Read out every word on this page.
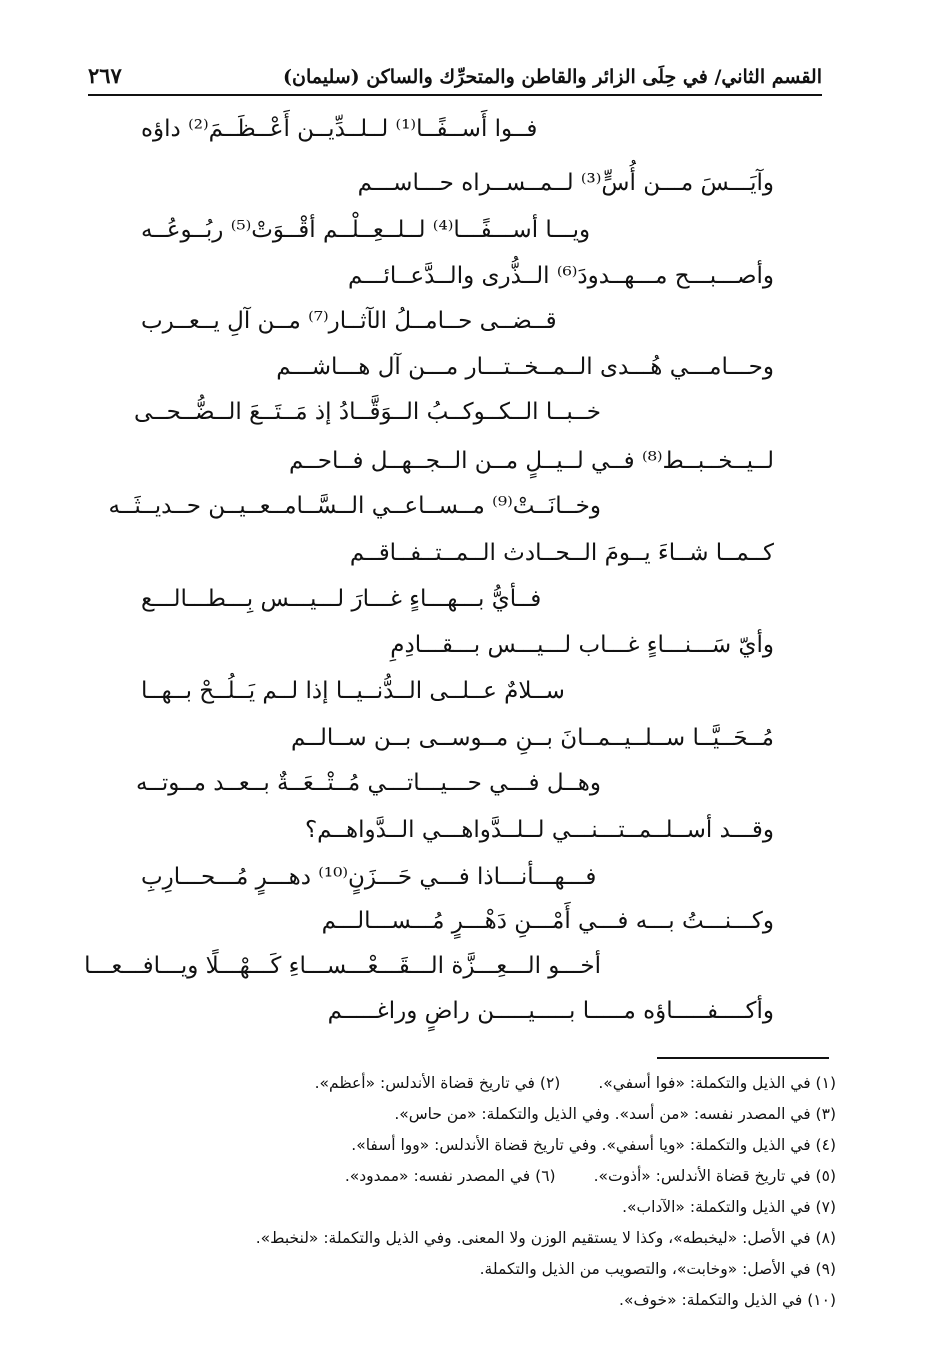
القسم الثاني/ في حِلَى الزائر والقاطن والمتحرِّك والساكن (سليمان)
٢٦٧
فــوا أَســفًــا⁽¹⁾ لــلــدِّيــن أَعْــظَــمَ⁽²⁾ داؤه
وآيَـــسَ مـــن أُسٍّ⁽³⁾ لــمــســراه حـــاســـم
ويـــا أســـفًـــا⁽⁴⁾ لــلــعِــلْــم أقْــوَتْ⁽⁵⁾ ربُــوعُــه
وأصـــبـــح مـــهــدودَ⁽⁶⁾ الــذُّرى والــدَّعــائـــم
قــضــى حــامــلُ الآثــار⁽⁷⁾ مــن آلِ يــعــرب
وحـــامـــي هُـــدى الــمــخــتـــار مـــن آل هـــاشـــم
خــبــا الــكــوكــبُ الــوَقَّــادُ إذ مَــتَــعَ الــضُّــحــى
لــيــخــبــط⁽⁸⁾ فــي لــيــلٍ مــن الــجــهــل فــاحــم
وخــانَــتْ⁽⁹⁾ مــســاعــي الــسَّــامــعــيــن حــديــثَــه
كــمــا شــاءَ يــومَ الــحــادث الــمــتــفــاقــم
فــأيُّ بـــهـــاءٍ غـــارَ لـــيـــس بِـــطـــالـــع
وأيّ سَـــنـــاءٍ غـــاب لـــيـــس بـــقـــادِمِ
ســلامٌ عــلــى الــدُّنــيــا إذا لــم يَــلُــحْ بــهــا
مُــحَــيَّــا ســلــيــمــانَ بــنِ مــوســى بــن ســالــم
وهــل فـــي حـــيـــاتـــي مُــتْــعَــةٌ بــعــد مــوتــه
وقـــد أســلــمــتـــنـــي لــلــدَّواهـــي الــدَّواهــم؟
فـــهـــأنـــاذا فـــي حَـــزَنٍ⁽¹⁰⁾ دهـــرٍ مُـــحـــارِبِ
وكـــنـــتُ بـــه فـــي أَمْـــنِ دَهْـــرٍ مُـــســـالـــم
أخـــو الـــعِـــزَّة الـــقَـــعْـــســـاءِ كَـــهْـــلًا ويـــافـــعـــا
وأكــــفـــــاؤه مـــــا بـــــيـــــن راضٍ وراغـــــم
(١) في الذيل والتكملة: «فوا أسفي».(٢) في تاريخ قضاة الأندلس: «أعظم».
(٣) في المصدر نفسه: «من أسد». وفي الذيل والتكملة: «من حاس».
(٤) في الذيل والتكملة: «ويا أسفي». وفي تاريخ قضاة الأندلس: «ووا أسفا».
(٥) في تاريخ قضاة الأندلس: «أذوت».(٦) في المصدر نفسه: «ممدود».
(٧) في الذيل والتكملة: «الآداب».
(٨) في الأصل: «ليخبطه»، وكذا لا يستقيم الوزن ولا المعنى. وفي الذيل والتكملة: «لنخبط».
(٩) في الأصل: «وخابت»، والتصويب من الذيل والتكملة.
(١٠) في الذيل والتكملة: «خوف».
